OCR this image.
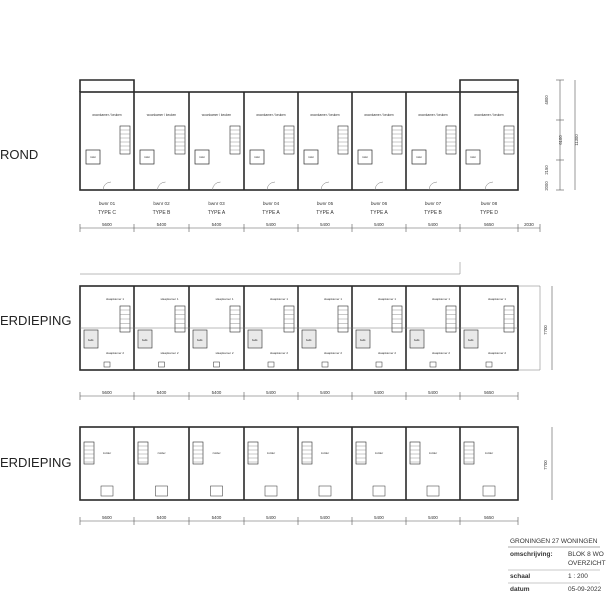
woonkamer / keuken
toilet
bwnr 01
TYPE C
woonkamer / keuken
toilet
bwnr 02
TYPE B
woonkamer / keuken
toilet
bwnr 03
TYPE A
woonkamer / keuken
toilet
bwnr 04
TYPE A
woonkamer / keuken
toilet
bwnr 05
TYPE A
woonkamer / keuken
toilet
bwnr 06
TYPE A
woonkamer / keuken
toilet
bwnr 07
TYPE B
woonkamer / keuken
toilet
bwnr 08
TYPE D
5600	5400	5400	5400	5400	5400	5400	5650	2030
4800
6100	11300
2150
2000
slaapkamer 1
slaapkamer 2
badk.
slaapkamer 1
slaapkamer 2
badk.
slaapkamer 1
slaapkamer 2
badk.
slaapkamer 1
slaapkamer 2
badk.
slaapkamer 1
slaapkamer 2
badk.
slaapkamer 1
slaapkamer 2
badk.
slaapkamer 1
slaapkamer 2
badk.
slaapkamer 1
slaapkamer 2
badk.
5600	5400	5400	5400	5400	5400	5400	5650
7700
zolder	zolder	zolder	zolder	zolder	zolder	zolder	zolder
5600	5400	5400	5400	5400	5400	5400	5650
7700
ROND
ERDIEPING
ERDIEPING
GRONINGEN 27 WONINGEN
omschrijving: BLOK 8 WO
OVERZICHT
schaal	1 : 200
datum	05-09-2022
